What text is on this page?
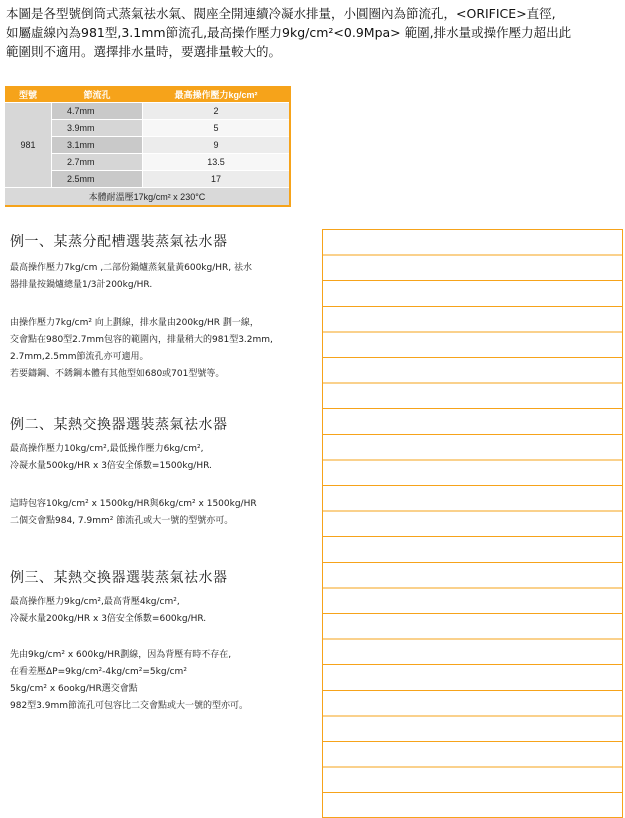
本圖是各型號倒筒式蒸氣祛水氣、閥座全開連續冷凝水排量，小圓圈內為節流孔，<ORIFICE>直徑,

如屬虛線內為981型,3.1mm節流孔,最高操作壓力9kg/cm²<0.9Mpa> 範圍,排水量或操作壓力超出此

範圍則不適用。選擇排水量時，要選排量較大的。

型號	節流孔	最高操作壓力kg/cm²
981	4.7mm	2
	3.9mm	5
	3.1mm	9
	2.7mm	13.5
	2.5mm	17
本體耐溫壓17kg/cm² x 230°C		
例一、某蒸分配槽選裝蒸氣祛水器

最高操作壓力7kg/cm ,二部份鍋爐蒸氣量黃600kg/HR, 祛水

器排量按鍋爐總量1/3計200kg/HR.

由操作壓力7kg/cm² 向上劃線，排水量由200kg/HR 劃一線，

交會點在980型2.7mm包容的範圍內，排量稍大的981型3.2mm,

2.7mm,2.5mm節流孔亦可適用。

若要鑄鋼、不銹鋼本體有其他型如680或701型號等。

例二、某熱交換器選裝蒸氣祛水器

最高操作壓力10kg/cm²,最低操作壓力6kg/cm²,

冷凝水量500kg/HR x 3倍安全係數=1500kg/HR.

這時包容10kg/cm² x 1500kg/HR與6kg/cm² x 1500kg/HR

二個交會點984, 7.9mm² 節流孔或大一號的型號亦可。

例三、某熱交換器選裝蒸氣祛水器

最高操作壓力9kg/cm²,最高背壓4kg/cm²,

冷凝水量200kg/HR x 3倍安全係數=600kg/HR.

先由9kg/cm² x 600kg/HR劃線，因為背壓有時不存在,

在看差壓ΔP=9kg/cm²-4kg/cm²=5kg/cm²

5kg/cm² x 6ookg/HR選交會點

982型3.9mm節流孔可包容比二交會點或大一號的型亦可。
